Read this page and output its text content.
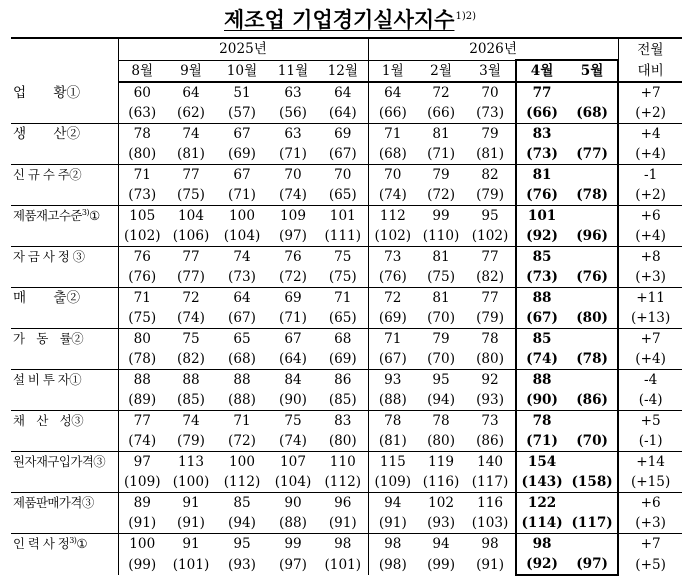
제조업 기업경기실사지수$^{1)2)}$
	2025년					2026년					전월
	8월	9월	10월	11월	12월	1월	2월	3월	4월	5월	대비
업　　황①	60	64	51	63	64	64	72	70	77		+7
	(63)	(62)	(57)	(56)	(64)	(66)	(66)	(73)	(66)	(68)	(+2)
생　　산②	78	74	67	63	69	71	81	79	83		+4
	(80)	(81)	(69)	(71)	(67)	(68)	(71)	(81)	(73)	(77)	(+4)
신 규 수 주②	71	77	67	70	70	70	79	82	81		-1
	(73)	(75)	(71)	(74)	(65)	(74)	(72)	(79)	(76)	(78)	(+2)
제품재고수준$^{3)}$①	105	104	100	109	101	112	99	95	101		+6
	(102)	(106)	(104)	(97)	(111)	(102)	(110)	(102)	(92)	(96)	(+4)
자 금 사 정 ③	76	77	74	76	75	73	81	77	85		+8
	(76)	(77)	(73)	(72)	(75)	(76)	(75)	(82)	(73)	(76)	(+3)
매　　출②	71	72	64	69	71	72	81	77	88		+11
	(75)	(74)	(67)	(71)	(65)	(69)	(70)	(79)	(67)	(80)	(+13)
가　동　률②	80	75	65	67	68	71	79	78	85		+7
	(78)	(82)	(68)	(64)	(69)	(67)	(70)	(80)	(74)	(78)	(+4)
설 비 투 자①	88	88	88	84	86	93	95	92	88		-4
	(89)	(85)	(88)	(90)	(85)	(88)	(94)	(93)	(90)	(86)	(-4)
채　산　성③	77	74	71	75	83	78	78	73	78		+5
	(74)	(79)	(72)	(74)	(80)	(81)	(80)	(86)	(71)	(70)	(-1)
원자재구입가격③	97	113	100	107	110	115	119	140	154		+14
	(109)	(100)	(112)	(104)	(112)	(109)	(116)	(117)	(143)	(158)	(+15)
제품판매가격③	89	91	85	90	96	94	102	116	122		+6
	(91)	(91)	(94)	(88)	(91)	(91)	(93)	(103)	(114)	(117)	(+3)
인 력 사 정$^{3)}$①	100	91	95	99	98	98	94	98	98		+7
	(99)	(101)	(93)	(97)	(101)	(98)	(99)	(91)	(92)	(97)	(+5)
